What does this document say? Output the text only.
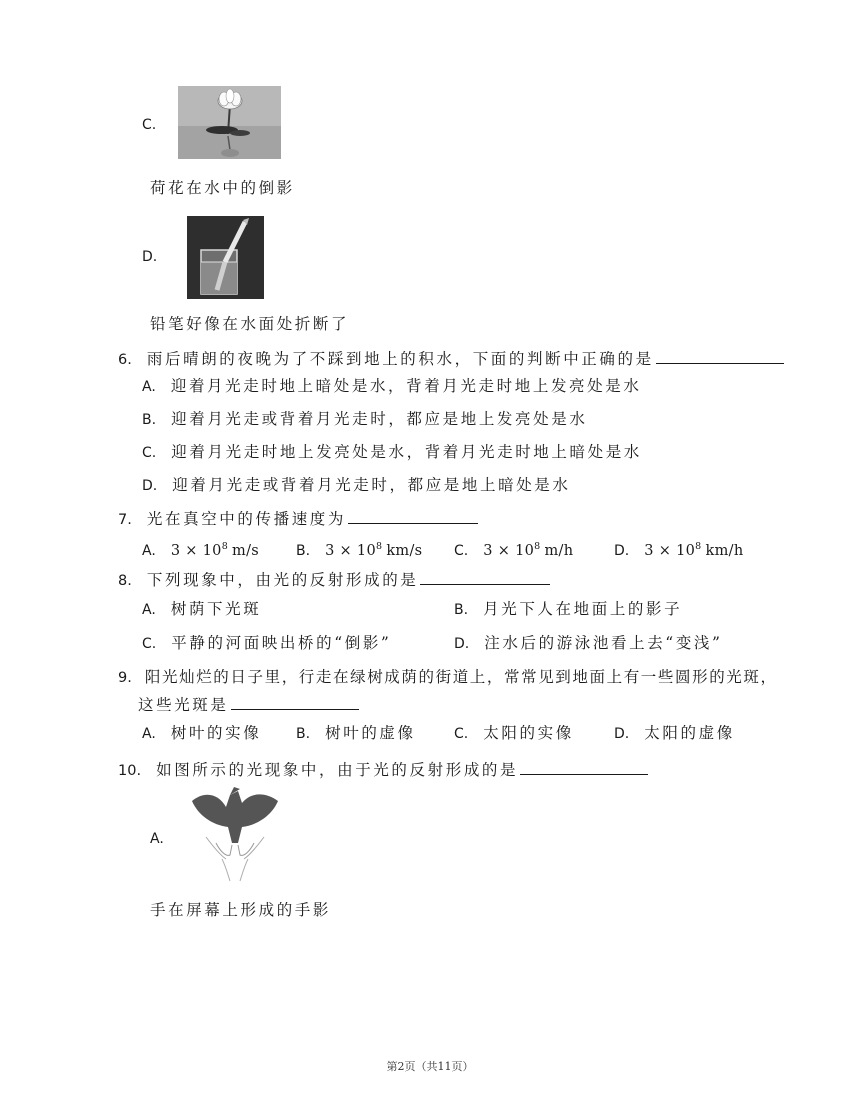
C.
荷花在水中的倒影
D.
铅笔好像在水面处折断了
6. 雨后晴朗的夜晚为了不踩到地上的积水，下面的判断中正确的是
A. 迎着月光走时地上暗处是水，背着月光走时地上发亮处是水
B. 迎着月光走或背着月光走时，都应是地上发亮处是水
C. 迎着月光走时地上发亮处是水，背着月光走时地上暗处是水
D. 迎着月光走或背着月光走时，都应是地上暗处是水
7. 光在真空中的传播速度为
A. $3 \times 10^8$ m/s	B. $3 \times 10^8$ km/s C. $3 \times 10^8$ m/h	D. $3 \times 10^8$ km/h
8. 下列现象中，由光的反射形成的是
A. 树荫下光斑	B. 月光下人在地面上的影子
C. 平静的河面映出桥的“倒影”	D. 注水后的游泳池看上去“变浅”
9. 阳光灿烂的日子里，行走在绿树成荫的街道上，常常见到地面上有一些圆形的光斑，
这些光斑是
A. 树叶的实像 B. 树叶的虚像	C. 太阳的实像	D. 太阳的虚像
10. 如图所示的光现象中，由于光的反射形成的是
A.
手在屏幕上形成的手影
第2页（共11页）
